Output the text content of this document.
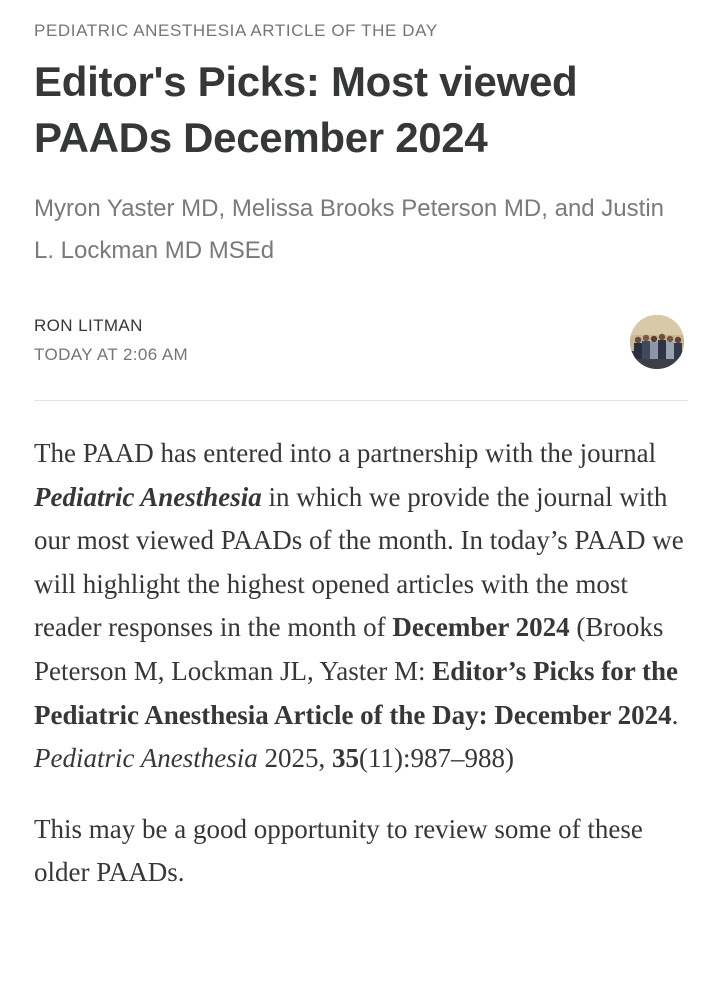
PEDIATRIC ANESTHESIA ARTICLE OF THE DAY
Editor's Picks: Most viewed PAADs December 2024
Myron Yaster MD, Melissa Brooks Peterson MD, and Justin L. Lockman MD MSEd
RON LITMAN
TODAY AT 2:06 AM

The PAAD has entered into a partnership with the journal Pediatric Anesthesia in which we provide the journal with our most viewed PAADs of the month. In today’s PAAD we will highlight the highest opened articles with the most reader responses in the month of December 2024 (Brooks Peterson M, Lockman JL, Yaster M: Editor’s Picks for the Pediatric Anesthesia Article of the Day: December 2024. Pediatric Anesthesia 2025, 35(11):987–988)

This may be a good opportunity to review some of these older PAADs.
